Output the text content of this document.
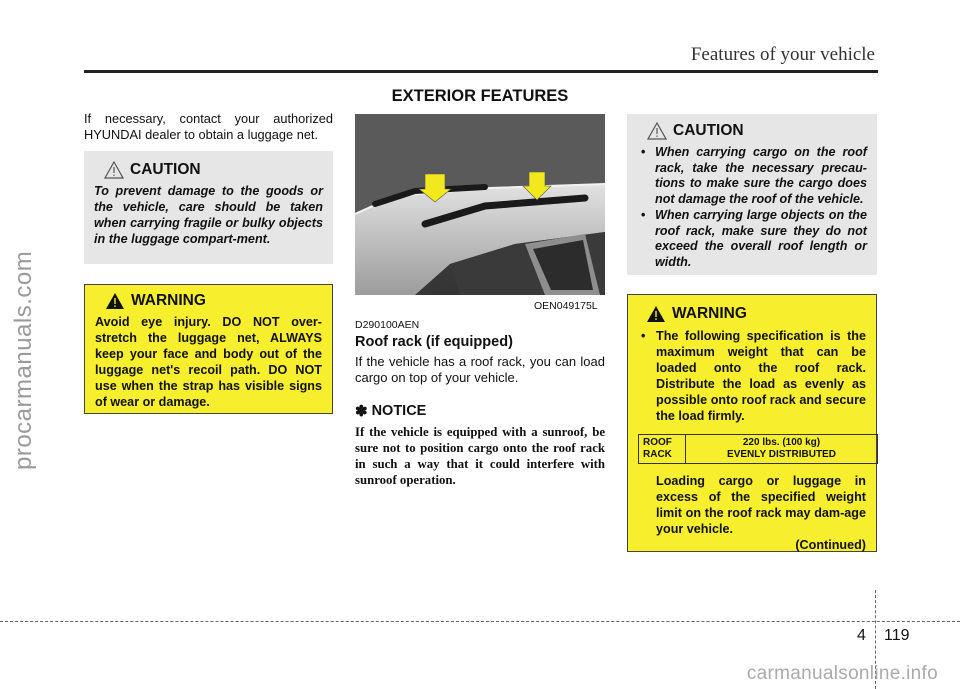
Features of your vehicle
procarmanuals.com
EXTERIOR FEATURES
If necessary, contact your authorized HYUNDAI dealer to obtain a luggage net.
CAUTION
To prevent damage to the goods or the vehicle, care should be taken when carrying fragile or bulky objects in the luggage compart-ment.
WARNING
Avoid eye injury. DO NOT over-stretch the luggage net, ALWAYS keep your face and body out of the luggage net's recoil path. DO NOT use when the strap has visible signs of wear or damage.
OEN049175L
D290100AEN
Roof rack (if equipped)
If the vehicle has a roof rack, you can load cargo on top of your vehicle.
✽ NOTICE
If the vehicle is equipped with a sunroof, be sure not to position cargo onto the roof rack in such a way that it could interfere with sunroof operation.
CAUTION
• When carrying cargo on the roof rack, take the necessary precau-tions to make sure the cargo does not damage the roof of the vehicle.
• When carrying large objects on the roof rack, make sure they do not exceed the overall roof length or width.
WARNING
• The following specification is the maximum weight that can be loaded onto the roof rack. Distribute the load as evenly as possible onto roof rack and secure the load firmly.
ROOF
RACK
220 lbs. (100 kg)
EVENLY DISTRIBUTED
Loading cargo or luggage in excess of the specified weight limit on the roof rack may dam-age your vehicle.
(Continued)
4 119
carmanualsonline.info
